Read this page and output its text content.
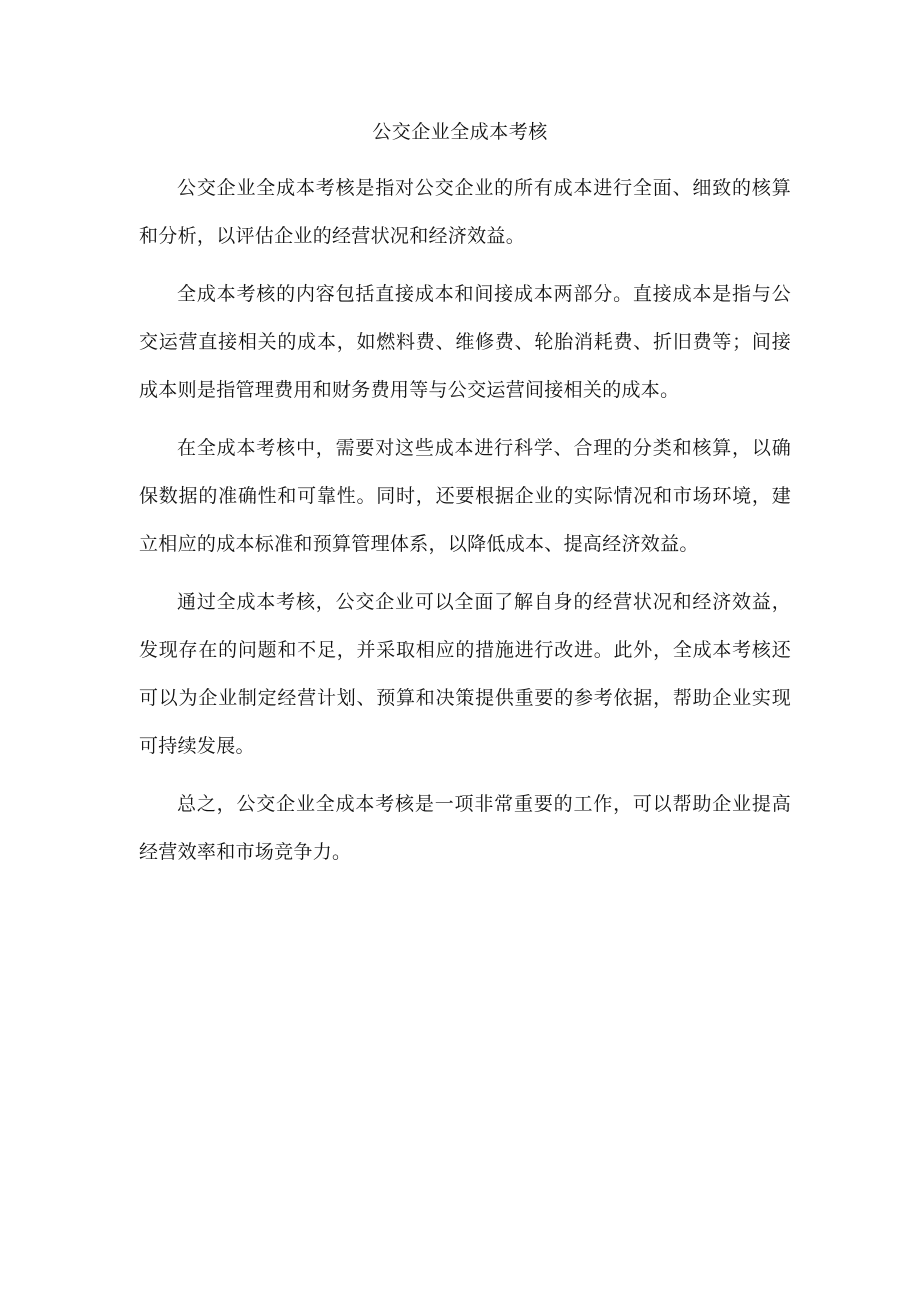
公交企业全成本考核

公交企业全成本考核是指对公交企业的所有成本进行全面、细致的核算和分析，以评估企业的经营状况和经济效益。

全成本考核的内容包括直接成本和间接成本两部分。直接成本是指与公交运营直接相关的成本，如燃料费、维修费、轮胎消耗费、折旧费等；间接成本则是指管理费用和财务费用等与公交运营间接相关的成本。

在全成本考核中，需要对这些成本进行科学、合理的分类和核算，以确保数据的准确性和可靠性。同时，还要根据企业的实际情况和市场环境，建立相应的成本标准和预算管理体系，以降低成本、提高经济效益。

通过全成本考核，公交企业可以全面了解自身的经营状况和经济效益，发现存在的问题和不足，并采取相应的措施进行改进。此外，全成本考核还可以为企业制定经营计划、预算和决策提供重要的参考依据，帮助企业实现可持续发展。

总之，公交企业全成本考核是一项非常重要的工作，可以帮助企业提高经营效率和市场竞争力。
